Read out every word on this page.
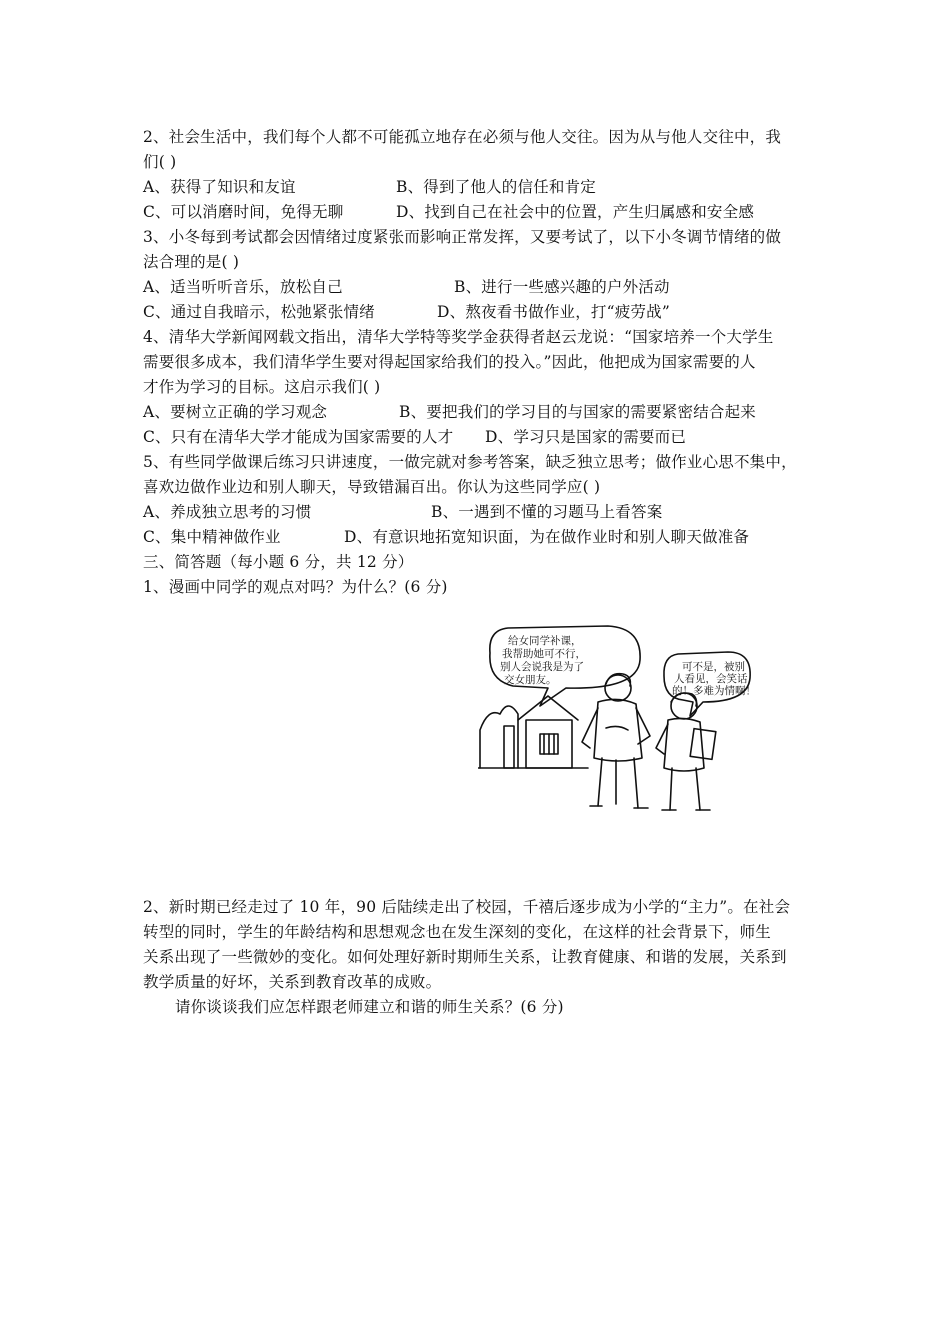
2、社会生活中，我们每个人都不可能孤立地存在必须与他人交往。因为从与他人交往中，我
们( )
A、获得了知识和友谊	B、得到了他人的信任和肯定
C、可以消磨时间，免得无聊	D、找到自己在社会中的位置，产生归属感和安全感
3、小冬每到考试都会因情绪过度紧张而影响正常发挥，又要考试了，以下小冬调节情绪的做
法合理的是( )
A、适当听听音乐，放松自己	B、进行一些感兴趣的户外活动
C、通过自我暗示，松弛紧张情绪	D、熬夜看书做作业，打“疲劳战”
4、清华大学新闻网载文指出，清华大学特等奖学金获得者赵云龙说：“国家培养一个大学生
需要很多成本，我们清华学生要对得起国家给我们的投入。”因此，他把成为国家需要的人
才作为学习的目标。这启示我们( )
A、要树立正确的学习观念	B、要把我们的学习目的与国家的需要紧密结合起来
C、只有在清华大学才能成为国家需要的人才 D、学习只是国家的需要而已
5、有些同学做课后练习只讲速度，一做完就对参考答案，缺乏独立思考；做作业心思不集中，
喜欢边做作业边和别人聊天，导致错漏百出。你认为这些同学应( )
A、养成独立思考的习惯	B、一遇到不懂的习题马上看答案
C、集中精神做作业	D、有意识地拓宽知识面，为在做作业时和别人聊天做准备
三、简答题（每小题 6 分，共 12 分）
1、漫画中同学的观点对吗？为什么？(6 分)
给女同学补课，
我帮助她可不行，
别人会说我是为了
交女朋友。
可不是，被别
人看见，会笑话
的！多难为情啊！
2、新时期已经走过了 10 年，90 后陆续走出了校园，千禧后逐步成为小学的“主力”。在社会
转型的同时，学生的年龄结构和思想观念也在发生深刻的变化，在这样的社会背景下，师生
关系出现了一些微妙的变化。如何处理好新时期师生关系，让教育健康、和谐的发展，关系到
教学质量的好坏，关系到教育改革的成败。
请你谈谈我们应怎样跟老师建立和谐的师生关系？(6 分)
